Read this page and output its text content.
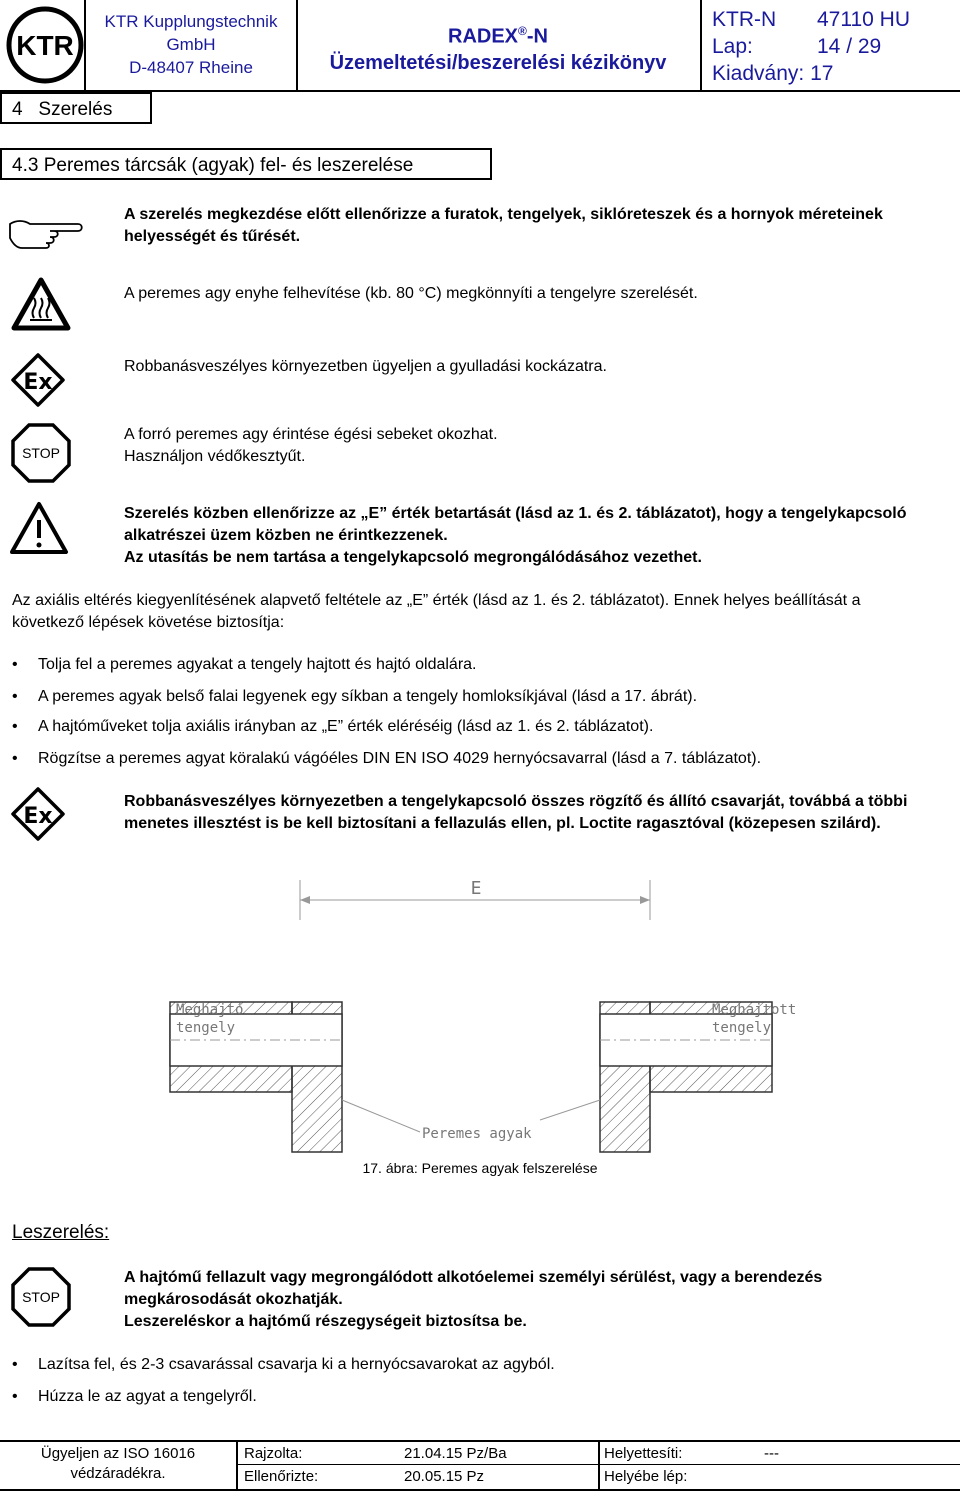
KTR
KTR Kupplungstechnik GmbH
D-48407 Rheine
RADEX®-N
Üzemeltetési/beszerelési kézikönyv
KTR-N 47110 HU
Lap:	14 / 29
Kiadvány: 17
4 Szerelés
4.3 Peremes tárcsák (agyak) fel- és leszerelése
A szerelés megkezdése előtt ellenőrizze a furatok, tengelyek, siklóreteszek és a hornyok méreteinek helyességét és tűrését.
A peremes agy enyhe felhevítése (kb. 80 °C) megkönnyíti a tengelyre szerelését.
Ex
Robbanásveszélyes környezetben ügyeljen a gyulladási kockázatra.
STOP
A forró peremes agy érintése égési sebeket okozhat.
Használjon védőkesztyűt.
Szerelés közben ellenőrizze az „E” érték betartását (lásd az 1. és 2. táblázatot), hogy a tengelykapcsoló alkatrészei üzem közben ne érintkezzenek.
Az utasítás be nem tartása a tengelykapcsoló megrongálódásához vezethet.
Az axiális eltérés kiegyenlítésének alapvető feltétele az „E” érték (lásd az 1. és 2. táblázatot). Ennek helyes beállítását a következő lépések követése biztosítja:
• Tolja fel a peremes agyakat a tengely hajtott és hajtó oldalára.
• A peremes agyak belső falai legyenek egy síkban a tengely homloksíkjával (lásd a 17. ábrát).
• A hajtóműveket tolja axiális irányban az „E” érték eléréséig (lásd az 1. és 2. táblázatot).
• Rögzítse a peremes agyat köralakú vágóéles DIN EN ISO 4029 hernyócsavarral (lásd a 7. táblázatot).
Ex
Robbanásveszélyes környezetben a tengelykapcsoló összes rögzítő és állító csavarját, továbbá a többi menetes illesztést is be kell biztosítani a fellazulás ellen, pl. Loctite ragasztóval (közepesen szilárd).
E
Meghajtó
tengely
Meghajtott
tengely
Peremes agyak
17. ábra: Peremes agyak felszerelése
Leszerelés:
STOP
A hajtómű fellazult vagy megrongálódott alkotóelemei személyi sérülést, vagy a berendezés megkárosodását okozhatják.
Leszereléskor a hajtómű részegységeit biztosítsa be.
• Lazítsa fel, és 2-3 csavarással csavarja ki a hernyócsavarokat az agyból.
• Húzza le az agyat a tengelyről.
Ügyeljen az ISO 16016 védzáradékra.
Rajzolta:	21.04.15 Pz/Ba	Helyettesíti:	---
Ellenőrizte:	20.05.15 Pz	Helyébe lép:
